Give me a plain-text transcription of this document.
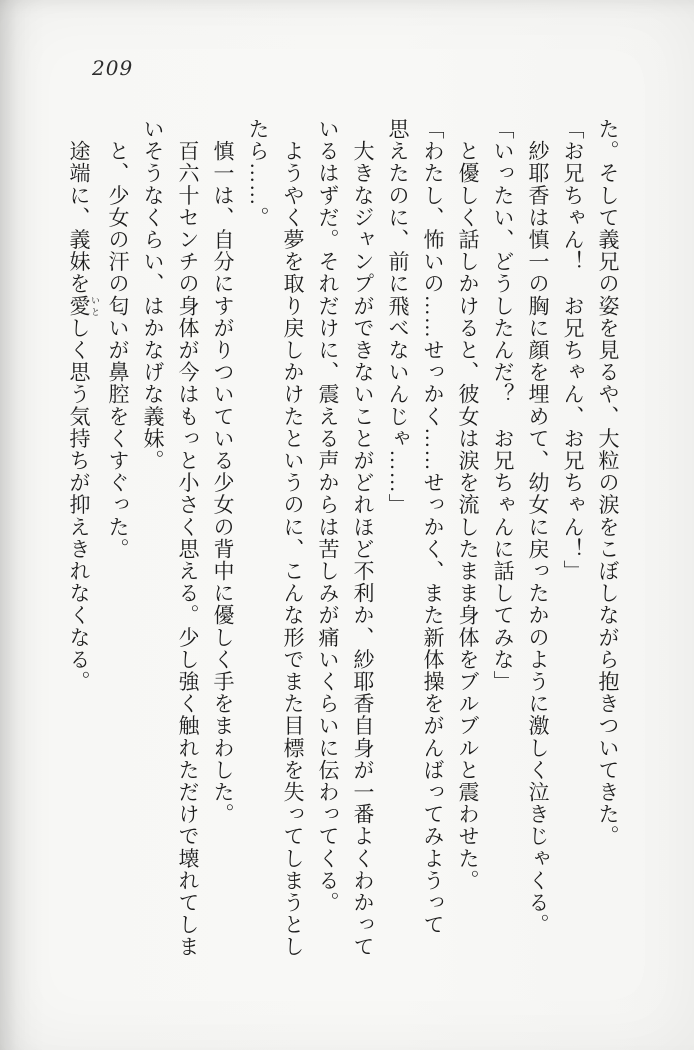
209
た。そして義兄の姿を見るや、大粒の涙をこぼしながら抱きついてきた。
「お兄ちゃん！　お兄ちゃん、お兄ちゃん！」
　紗耶香は慎一の胸に顔を埋めて、幼女に戻ったかのように激しく泣きじゃくる。
「いったい、どうしたんだ？　お兄ちゃんに話してみな」
　と優しく話しかけると、彼女は涙を流したまま身体をブルブルと震わせた。
「わたし、怖いの……せっかく……せっかく、また新体操をがんばってみようって
思えたのに、前に飛べないんじゃ……」
　大きなジャンプができないことがどれほど不利か、紗耶香自身が一番よくわかって
いるはずだ。それだけに、震える声からは苦しみが痛いくらいに伝わってくる。
　ようやく夢を取り戻しかけたというのに、こんな形でまた目標を失ってしまうとし
たら……。
　慎一は、自分にすがりついている少女の背中に優しく手をまわした。
　百六十センチの身体が今はもっと小さく思える。少し強く触れただけで壊れてしま
いそうなくらい、はかなげな義妹。
　と、少女の汗の匂いが鼻腔をくすぐった。
　途端に、義妹を愛 いとしく思う気持ちが抑えきれなくなる。
